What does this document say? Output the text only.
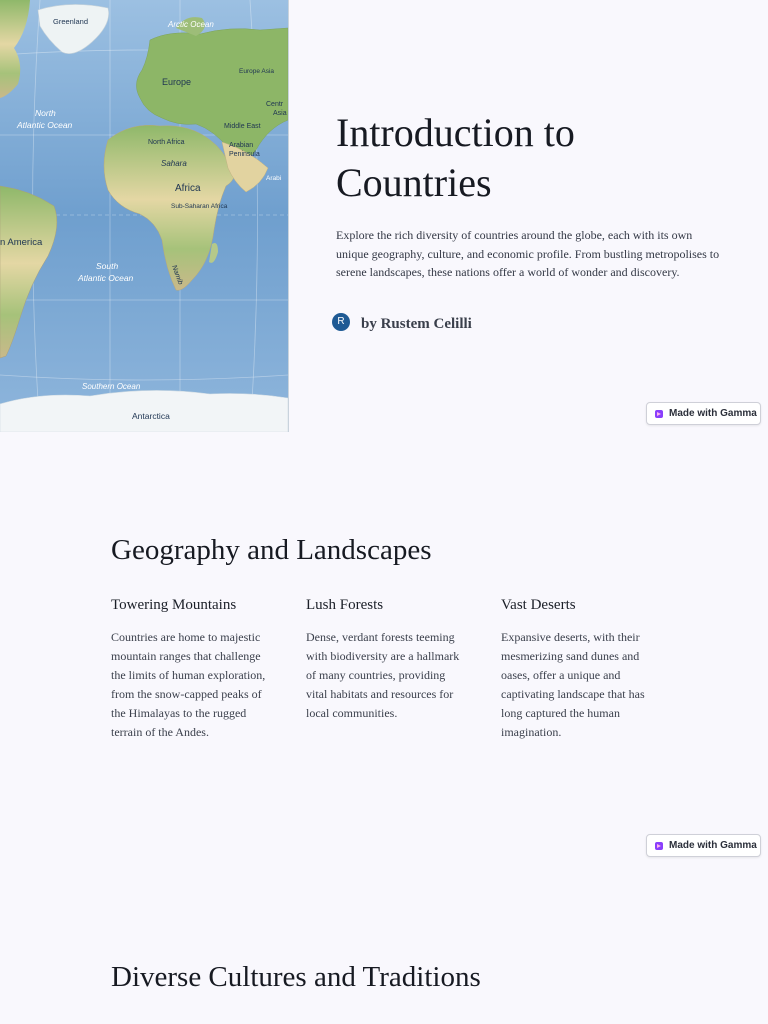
Greenland	Arctic Ocean
Europe
Europe Asia
North
Atlantic Ocean
Centr
Asia
Middle East
North Africa	Arabian
Peninsula
Sahara
Africa
Arabi
Sub-Saharan Africa
n America
South
Atlantic Ocean	Namib
Southern Ocean
Antarctica
Introduction to Countries

Explore the rich diversity of countries around the globe, each with its own unique geography, culture, and economic profile. From bustling metropolises to serene landscapes, these nations offer a world of wonder and discovery.

R	by Rustem Celilli
Made with Gamma
Geography and Landscapes
Towering Mountains

Countries are home to majestic mountain ranges that challenge the limits of human exploration, from the snow-capped peaks of the Himalayas to the rugged terrain of the Andes.

Lush Forests

Dense, verdant forests teeming with biodiversity are a hallmark of many countries, providing vital habitats and resources for local communities.

Vast Deserts

Expansive deserts, with their mesmerizing sand dunes and oases, offer a unique and captivating landscape that has long captured the human imagination.

Made with Gamma
Diverse Cultures and Traditions
